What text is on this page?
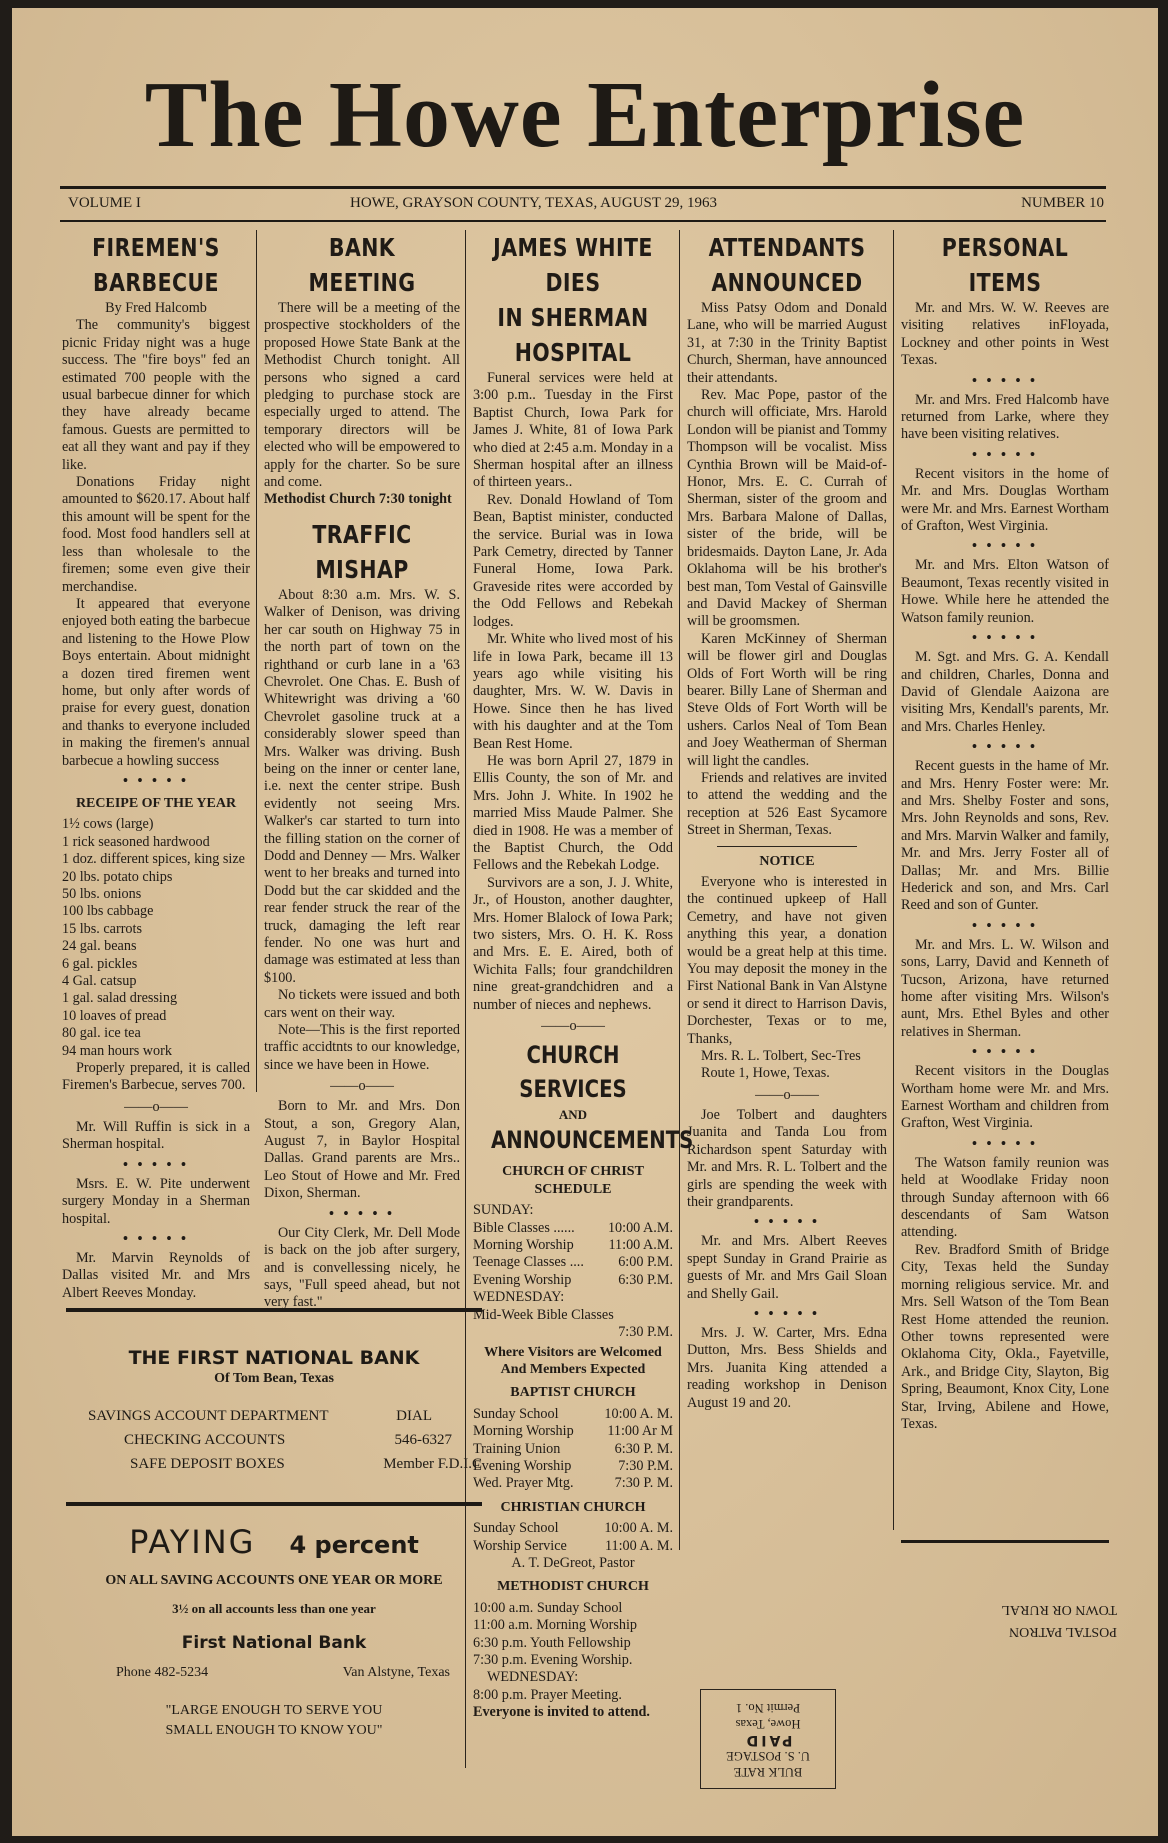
The Howe Enterprise
VOLUME I	HOWE, GRAYSON COUNTY, TEXAS, AUGUST 29, 1963	NUMBER 10
FIREMEN'S
BARBECUE

By Fred Halcomb

The community's biggest picnic Friday night was a huge success. The "fire boys" fed an estimated 700 people with the usual barbecue dinner for which they have already became famous. Guests are permitted to eat all they want and pay if they like.

Donations Friday night amounted to $620.17. About half this amount will be spent for the food. Most food handlers sell at less than wholesale to the firemen; some even give their merchandise.

It appeared that everyone enjoyed both eating the barbecue and listening to the Howe Plow Boys entertain. About midnight a dozen tired firemen went home, but only after words of praise for every guest, donation and thanks to everyone included in making the firemen's annual barbecue a howling success

• • • • •
RECEIPE OF THE YEAR
1½ cows (large)
1 rick seasoned hardwood
1 doz. different spices, king size
20 lbs. potato chips
50 lbs. onions
100 lbs cabbage
15 lbs. carrots
24 gal. beans
6 gal. pickles
4 Gal. catsup
1 gal. salad dressing
10 loaves of pread
80 gal. ice tea
94 man hours work

Properly prepared, it is called Firemen's Barbecue, serves 700.

——o——

Mr. Will Ruffin is sick in a Sherman hospital.

• • • • •

Msrs. E. W. Pite underwent surgery Monday in a Sherman hospital.

• • • • •

Mr. Marvin Reynolds of Dallas visited Mr. and Mrs Albert Reeves Monday.

BANK MEETING

There will be a meeting of the prospective stockholders of the proposed Howe State Bank at the Methodist Church tonight. All persons who signed a card pledging to purchase stock are especially urged to attend. The temporary directors will be elected who will be empowered to apply for the charter. So be sure and come.

Methodist Church 7:30 tonight

TRAFFIC MISHAP

About 8:30 a.m. Mrs. W. S. Walker of Denison, was driving her car south on Highway 75 in the north part of town on the righthand or curb lane in a '63 Chevrolet. One Chas. E. Bush of Whitewright was driving a '60 Chevrolet gasoline truck at a considerably slower speed than Mrs. Walker was driving. Bush being on the inner or center lane, i.e. next the center stripe. Bush evidently not seeing Mrs. Walker's car started to turn into the filling station on the corner of Dodd and Denney — Mrs. Walker went to her breaks and turned into Dodd but the car skidded and the rear fender struck the rear of the truck, damaging the left rear fender. No one was hurt and damage was estimated at less than $100.

No tickets were issued and both cars went on their way.

Note—This is the first reported traffic accidtnts to our knowledge, since we have been in Howe.

——o——

Born to Mr. and Mrs. Don Stout, a son, Gregory Alan, August 7, in Baylor Hospital Dallas. Grand parents are Mrs.. Leo Stout of Howe and Mr. Fred Dixon, Sherman.

• • • • •

Our City Clerk, Mr. Dell Mode is back on the job after surgery, and is convellessing nicely, he says, "Full speed ahead, but not very fast."

JAMES WHITE DIES
IN SHERMAN
HOSPITAL

Funeral services were held at 3:00 p.m.. Tuesday in the First Baptist Church, Iowa Park for James J. White, 81 of Iowa Park who died at 2:45 a.m. Monday in a Sherman hospital after an illness of thirteen years..

Rev. Donald Howland of Tom Bean, Baptist minister, conducted the service. Burial was in Iowa Park Cemetry, directed by Tanner Funeral Home, Iowa Park. Graveside rites were accorded by the Odd Fellows and Rebekah lodges.

Mr. White who lived most of his life in Iowa Park, became ill 13 years ago while visiting his daughter, Mrs. W. W. Davis in Howe. Since then he has lived with his daughter and at the Tom Bean Rest Home.

He was born April 27, 1879 in Ellis County, the son of Mr. and Mrs. John J. White. In 1902 he married Miss Maude Palmer. She died in 1908. He was a member of the Baptist Church, the Odd Fellows and the Rebekah Lodge.

Survivors are a son, J. J. White, Jr., of Houston, another daughter, Mrs. Homer Blalock of Iowa Park; two sisters, Mrs. O. H. K. Ross and Mrs. E. E. Aired, both of Wichita Falls; four grandchildren nine great-grandchidren and a number of nieces and nephews.

——o——
CHURCH SERVICES
AND
ANNOUNCEMENTS
CHURCH OF CHRIST SCHEDULE
SUNDAY:
Bible Classes ...... 10:00 A.M.
Morning Worship 11:00 A.M.
Teenage Classes .... 6:00 P.M.
Evening Worship	6:30 P.M.
WEDNESDAY:
Mid-Week Bible Classes
7:30 P.M.
Where Visitors are Welcomed And Members Expected
BAPTIST CHURCH
Sunday School	10:00 A. M.
Morning Worship 11:00 Ar M
Training Union	6:30 P. M.
Evening Worship	7:30 P.M.
Wed. Prayer Mtg.	7:30 P. M.
CHRISTIAN CHURCH
Sunday School	10:00 A. M.
Worship Service	11:00 A. M.
A. T. DeGreot, Pastor
METHODIST CHURCH
10:00 a.m. Sunday School
11:00 a.m. Morning Worship
6:30 p.m. Youth Fellowship
7:30 p.m. Evening Worship.
WEDNESDAY:
8:00 p.m. Prayer Meeting.
Everyone is invited to attend.
ATTENDANTS
ANNOUNCED

Miss Patsy Odom and Donald Lane, who will be married August 31, at 7:30 in the Trinity Baptist Church, Sherman, have announced their attendants.

Rev. Mac Pope, pastor of the church will officiate, Mrs. Harold London will be pianist and Tommy Thompson will be vocalist. Miss Cynthia Brown will be Maid-of-Honor, Mrs. E. C. Currah of Sherman, sister of the groom and Mrs. Barbara Malone of Dallas, sister of the bride, will be bridesmaids. Dayton Lane, Jr. Ada Oklahoma will be his brother's best man, Tom Vestal of Gainsville and David Mackey of Sherman will be groomsmen.

Karen McKinney of Sherman will be flower girl and Douglas Olds of Fort Worth will be ring bearer. Billy Lane of Sherman and Steve Olds of Fort Worth will be ushers. Carlos Neal of Tom Bean and Joey Weatherman of Sherman will light the candles.

Friends and relatives are invited to attend the wedding and the reception at 526 East Sycamore Street in Sherman, Texas.

NOTICE

Everyone who is interested in the continued upkeep of Hall Cemetry, and have not given anything this year, a donation would be a great help at this time. You may deposit the money in the First National Bank in Van Alstyne or send it direct to Harrison Davis, Dorchester, Texas or to me, Thanks,

Mrs. R. L. Tolbert, Sec-Tres

Route 1, Howe, Texas.

——o——

Joe Tolbert and daughters Juanita and Tanda Lou from Richardson spent Saturday with Mr. and Mrs. R. L. Tolbert and the girls are spending the week with their grandparents.

• • • • •

Mr. and Mrs. Albert Reeves spept Sunday in Grand Prairie as guests of Mr. and Mrs Gail Sloan and Shelly Gail.

• • • • •

Mrs. J. W. Carter, Mrs. Edna Dutton, Mrs. Bess Shields and Mrs. Juanita King attended a reading workshop in Denison August 19 and 20.

PERSONAL ITEMS

Mr. and Mrs. W. W. Reeves are visiting relatives inFloyada, Lockney and other points in West Texas.

• • • • •

Mr. and Mrs. Fred Halcomb have returned from Larke, where they have been visiting relatives.

• • • • •

Recent visitors in the home of Mr. and Mrs. Douglas Wortham were Mr. and Mrs. Earnest Wortham of Grafton, West Virginia.

• • • • •

Mr. and Mrs. Elton Watson of Beaumont, Texas recently visited in Howe. While here he attended the Watson family reunion.

• • • • •

M. Sgt. and Mrs. G. A. Kendall and children, Charles, Donna and David of Glendale Aaizona are visiting Mrs, Kendall's parents, Mr. and Mrs. Charles Henley.

• • • • •

Recent guests in the hame of Mr. and Mrs. Henry Foster were: Mr. and Mrs. Shelby Foster and sons, Mrs. John Reynolds and sons, Rev. and Mrs. Marvin Walker and family, Mr. and Mrs. Jerry Foster all of Dallas; Mr. and Mrs. Billie Hederick and son, and Mrs. Carl Reed and son of Gunter.

• • • • •

Mr. and Mrs. L. W. Wilson and sons, Larry, David and Kenneth of Tucson, Arizona, have returned home after visiting Mrs. Wilson's aunt, Mrs. Ethel Byles and other relatives in Sherman.

• • • • •

Recent visitors in the Douglas Wortham home were Mr. and Mrs. Earnest Wortham and children from Grafton, West Virginia.

• • • • •

The Watson family reunion was held at Woodlake Friday noon through Sunday afternoon with 66 descendants of Sam Watson attending.

Rev. Bradford Smith of Bridge City, Texas held the Sunday morning religious service. Mr. and Mrs. Sell Watson of the Tom Bean Rest Home attended the reunion. Other towns represented were Oklahoma City, Okla., Fayetville, Ark., and Bridge City, Slayton, Big Spring, Beaumont, Knox City, Lone Star, Irving, Abilene and Howe, Texas.

THE FIRST NATIONAL BANK
Of Tom Bean, Texas
SAVINGS ACCOUNT DEPARTMENT	DIAL
CHECKING ACCOUNTS	546-6327
SAFE DEPOSIT BOXES	Member F.D.I.C
PAYING 4 percent
ON ALL SAVING ACCOUNTS ONE YEAR OR MORE
3½ on all accounts less than one year
First National Bank
Phone 482-5234	Van Alstyne, Texas
"LARGE ENOUGH TO SERVE YOU
SMALL ENOUGH TO KNOW YOU"
POSTAL PATRON
TOWN OR RURAL
BULK RATE
U. S. POSTAGE
PAID
Howe, Texas
Permit No. 1
